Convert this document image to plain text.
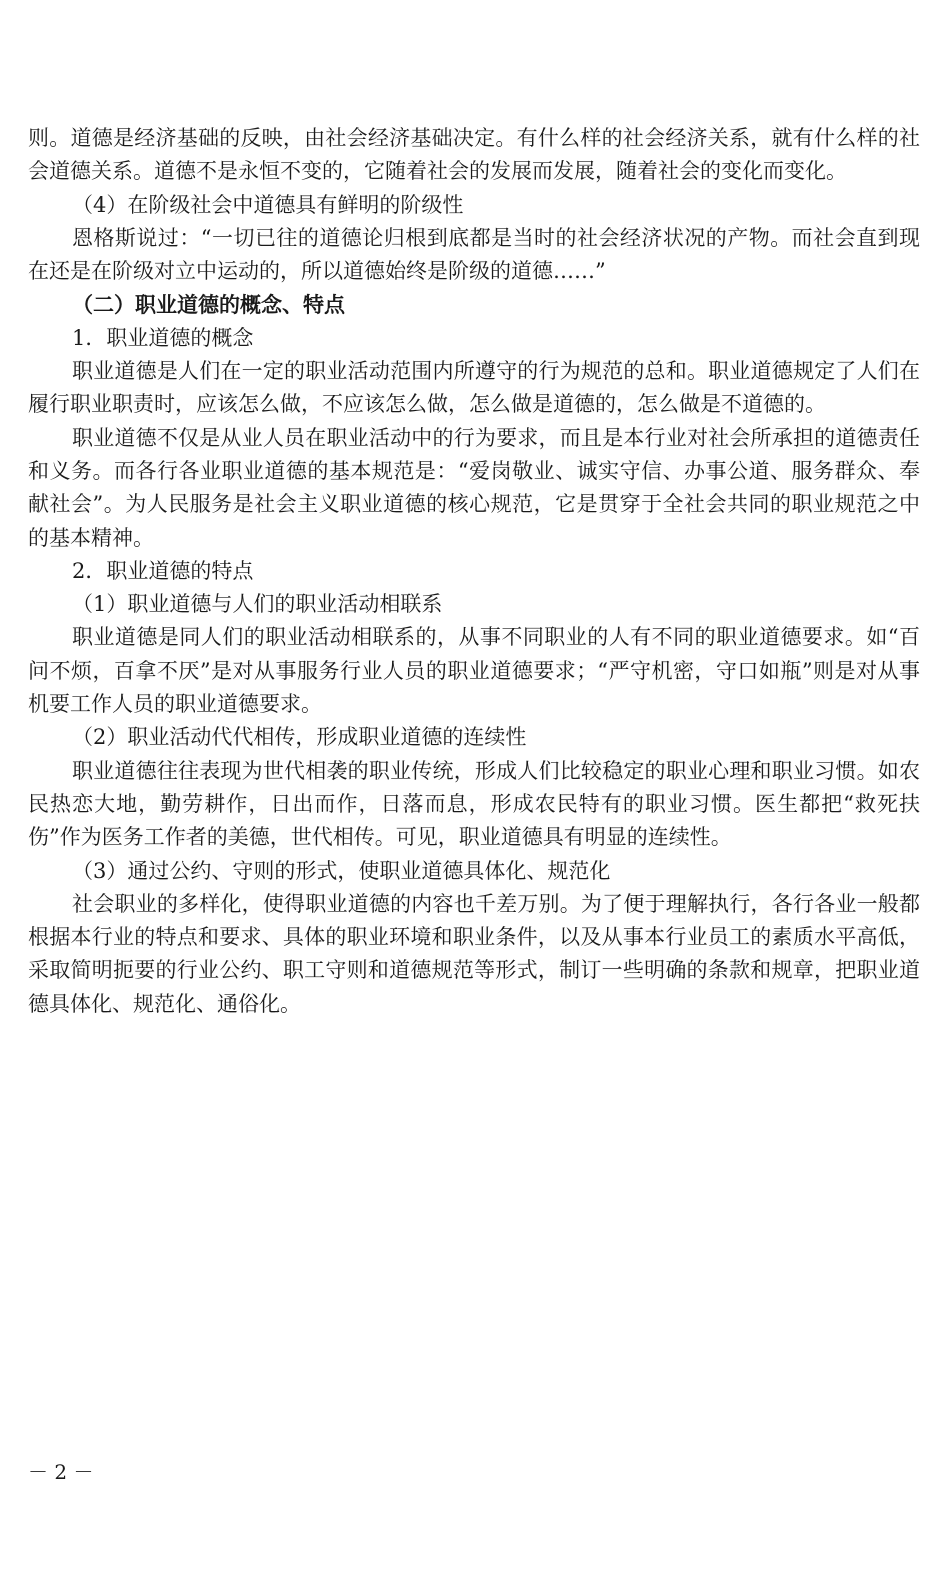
则。道德是经济基础的反映，由社会经济基础决定。有什么样的社会经济关系，就有什么样的社会道德关系。道德不是永恒不变的，它随着社会的发展而发展，随着社会的变化而变化。

（4）在阶级社会中道德具有鲜明的阶级性

恩格斯说过：“一切已往的道德论归根到底都是当时的社会经济状况的产物。而社会直到现在还是在阶级对立中运动的，所以道德始终是阶级的道德……”

（二）职业道德的概念、特点

1．职业道德的概念

职业道德是人们在一定的职业活动范围内所遵守的行为规范的总和。职业道德规定了人们在履行职业职责时，应该怎么做，不应该怎么做，怎么做是道德的，怎么做是不道德的。

职业道德不仅是从业人员在职业活动中的行为要求，而且是本行业对社会所承担的道德责任和义务。而各行各业职业道德的基本规范是：“爱岗敬业、诚实守信、办事公道、服务群众、奉献社会”。为人民服务是社会主义职业道德的核心规范，它是贯穿于全社会共同的职业规范之中的基本精神。

2．职业道德的特点

（1）职业道德与人们的职业活动相联系

职业道德是同人们的职业活动相联系的，从事不同职业的人有不同的职业道德要求。如“百问不烦，百拿不厌”是对从事服务行业人员的职业道德要求；“严守机密，守口如瓶”则是对从事机要工作人员的职业道德要求。

（2）职业活动代代相传，形成职业道德的连续性

职业道德往往表现为世代相袭的职业传统，形成人们比较稳定的职业心理和职业习惯。如农民热恋大地，勤劳耕作，日出而作，日落而息，形成农民特有的职业习惯。医生都把“救死扶伤”作为医务工作者的美德，世代相传。可见，职业道德具有明显的连续性。

（3）通过公约、守则的形式，使职业道德具体化、规范化

社会职业的多样化，使得职业道德的内容也千差万别。为了便于理解执行，各行各业一般都根据本行业的特点和要求、具体的职业环境和职业条件，以及从事本行业员工的素质水平高低，采取简明扼要的行业公约、职工守则和道德规范等形式，制订一些明确的条款和规章，把职业道德具体化、规范化、通俗化。

－ 2 －
